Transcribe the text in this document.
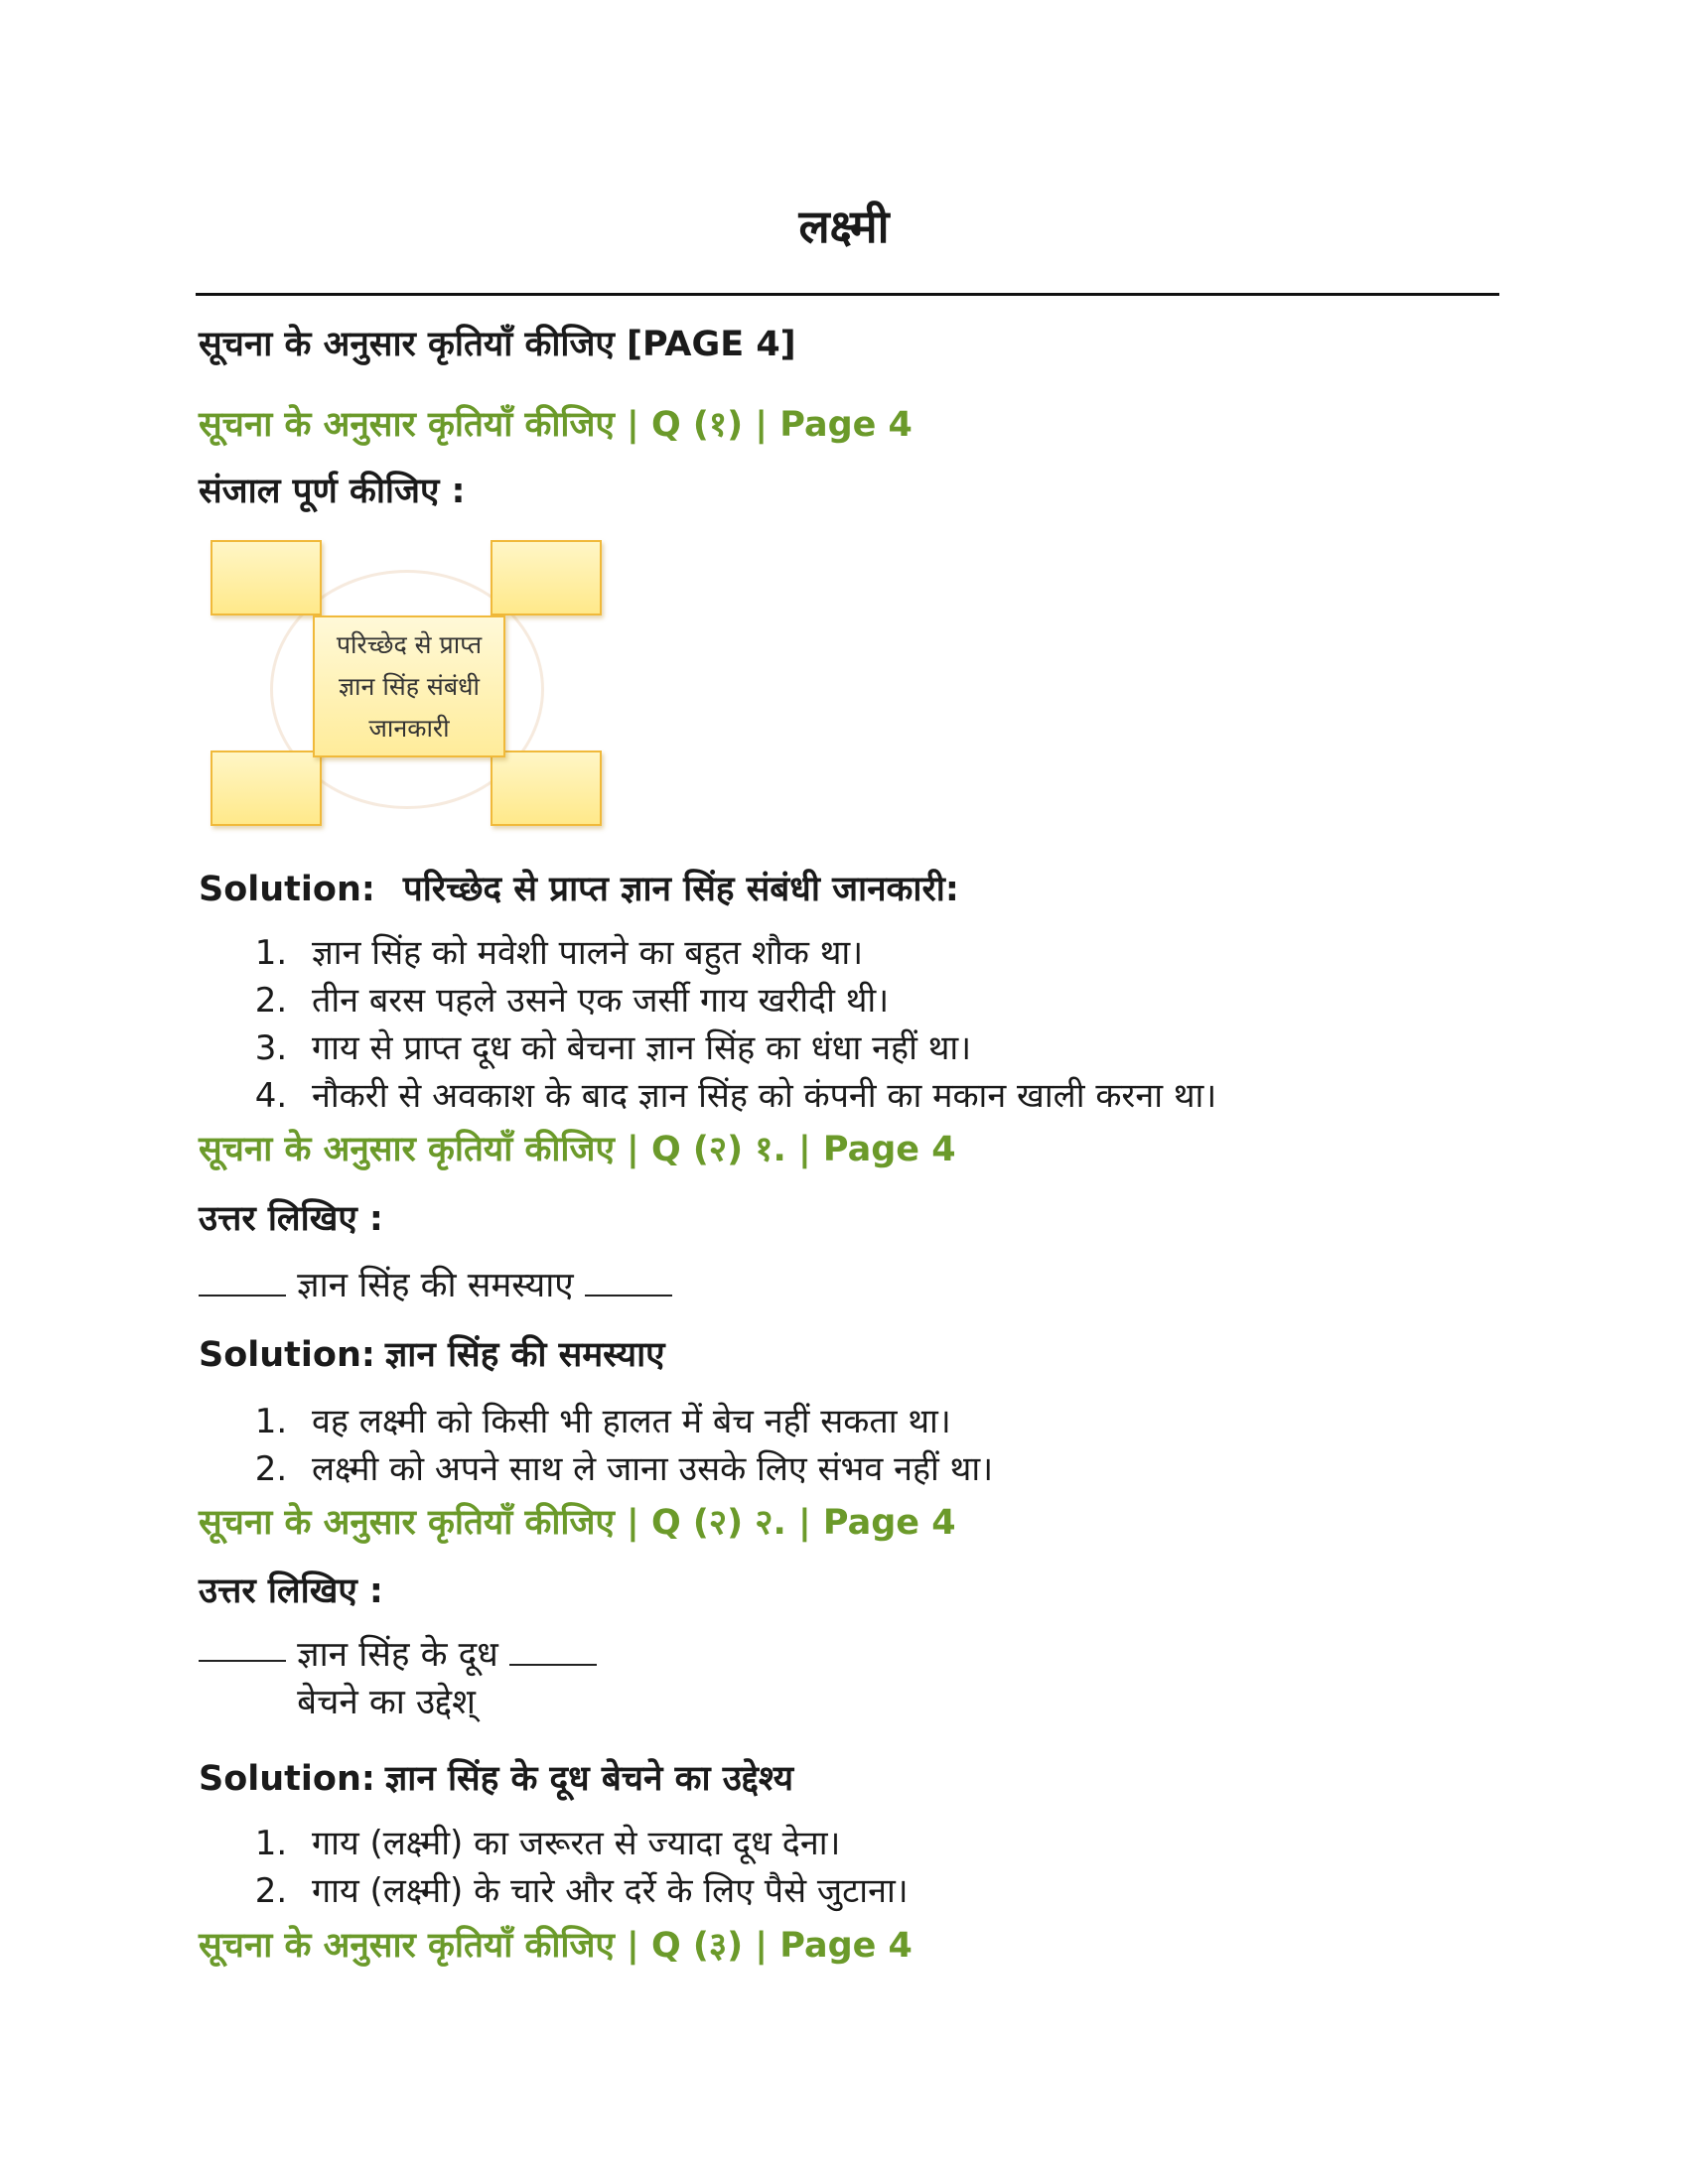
लक्ष्मी
सूचना के अनुसार कृतियाँ कीजिए [PAGE 4]
सूचना के अनुसार कृतियाँ कीजिए | Q (१) | Page 4
संजाल पूर्ण कीजिए :
परिच्छेद से प्राप्त ज्ञान सिंह संबंधी जानकारी
Solution: परिच्छेद से प्राप्त ज्ञान सिंह संबंधी जानकारी:
1. ज्ञान सिंह को मवेशी पालने का बहुत शौक था।
2. तीन बरस पहले उसने एक जर्सी गाय खरीदी थी।
3. गाय से प्राप्त दूध को बेचना ज्ञान सिंह का धंधा नहीं था।
4. नौकरी से अवकाश के बाद ज्ञान सिंह को कंपनी का मकान खाली करना था।
सूचना के अनुसार कृतियाँ कीजिए | Q (२) १. | Page 4
उत्तर लिखिए :
ज्ञान सिंह की समस्याए
Solution: ज्ञान सिंह की समस्याए
1. वह लक्ष्मी को किसी भी हालत में बेच नहीं सकता था।
2. लक्ष्मी को अपने साथ ले जाना उसके लिए संभव नहीं था।
सूचना के अनुसार कृतियाँ कीजिए | Q (२) २. | Page 4
उत्तर लिखिए :
ज्ञान सिंह के दूध
बेचने का उद्देश्
Solution: ज्ञान सिंह के दूध बेचने का उद्देश्य
1. गाय (लक्ष्मी) का जरूरत से ज्यादा दूध देना।
2. गाय (लक्ष्मी) के चारे और दर्रे के लिए पैसे जुटाना।
सूचना के अनुसार कृतियाँ कीजिए | Q (३) | Page 4
